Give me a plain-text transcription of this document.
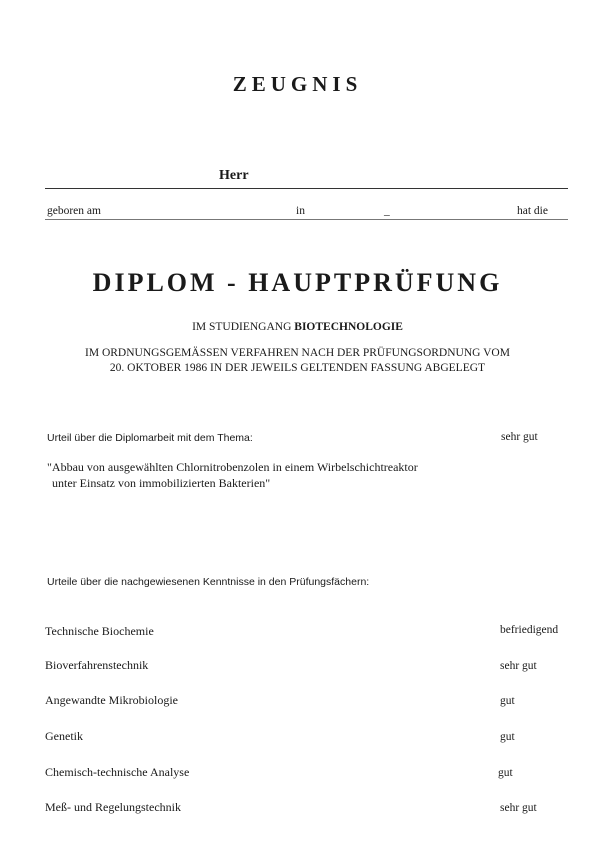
ZEUGNIS
Herr
geboren am	in	_	hat die
DIPLOM - HAUPTPRÜFUNG
IM STUDIENGANG BIOTECHNOLOGIE
IM ORDNUNGSGEMÄSSEN VERFAHREN NACH DER PRÜFUNGSORDNUNG VOM
20. OKTOBER 1986 IN DER JEWEILS GELTENDEN FASSUNG ABGELEGT
Urteil über die Diplomarbeit mit dem Thema:	sehr gut
"Abbau von ausgewählten Chlornitrobenzolen in einem Wirbelschichtreaktor
unter Einsatz von immobilizierten Bakterien"
Urteile über die nachgewiesenen Kenntnisse in den Prüfungsfächern:
Technische Biochemie	befriedigend
Bioverfahrenstechnik	sehr gut
Angewandte Mikrobiologie	gut
Genetik	gut
Chemisch-technische Analyse	gut
Meß- und Regelungstechnik	sehr gut
